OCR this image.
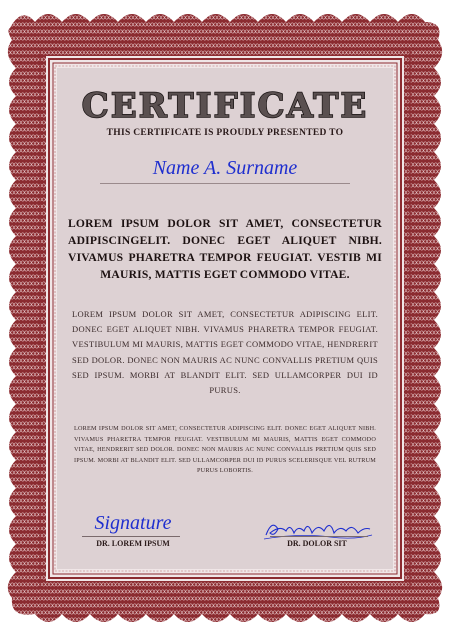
CERTIFICATE
THIS CERTIFICATE IS PROUDLY PRESENTED TO
Name A. Surname
LOREM IPSUM DOLOR SIT AMET, CONSECTETUR ADIPISCINGELIT. DONEC EGET ALIQUET NIBH. VIVAMUS PHARETRA TEMPOR FEUGIAT. VESTIB MI MAURIS, MATTIS EGET COMMODO VITAE.
LOREM IPSUM DOLOR SIT AMET, CONSECTETUR ADIPISCING ELIT. DONEC EGET ALIQUET NIBH. VIVAMUS PHARETRA TEMPOR FEUGIAT. VESTIBULUM MI MAURIS, MATTIS EGET COMMODO VITAE, HENDRERIT SED DOLOR. DONEC NON MAURIS AC NUNC CONVALLIS PRETIUM QUIS SED IPSUM. MORBI AT BLANDIT ELIT. SED ULLAMCORPER DUI ID PURUS.
LOREM IPSUM DOLOR SIT AMET, CONSECTETUR ADIPISCING ELIT. DONEC EGET ALIQUET NIBH. VIVAMUS PHARETRA TEMPOR FEUGIAT. VESTIBULUM MI MAURIS, MATTIS EGET COMMODO VITAE, HENDRERIT SED DOLOR. DONEC NON MAURIS AC NUNC CONVALLIS PRETIUM QUIS SED IPSUM. MORBI AT BLANDIT ELIT. SED ULLAMCORPER DUI ID PURUS SCELERISQUE VEL RUTRUM PURUS LOBORTIS.
Signature
DR. LOREM IPSUM	DR. DOLOR SIT
